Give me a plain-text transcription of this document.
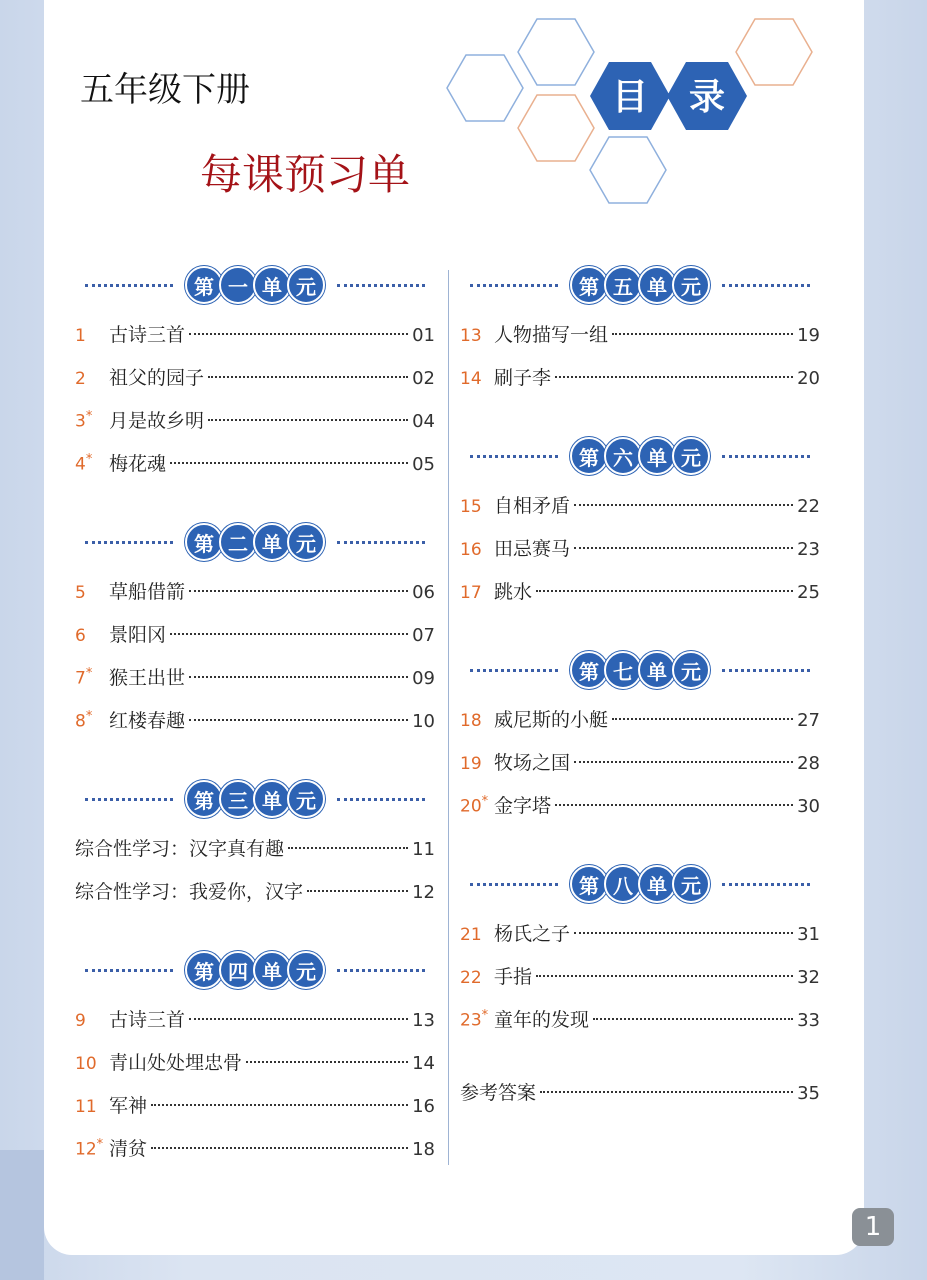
五年级下册
每课预习单
目 录
第 一 单 元
1	古诗三首	01
2	祖父的园子	02
3* 月是故乡明	04
4* 梅花魂	05
第 二 单 元
5	草船借箭	06
6	景阳冈	07
7* 猴王出世	09
8* 红楼春趣	10
第 三 单 元
综合性学习：汉字真有趣	11
综合性学习：我爱你，汉字	12
第 四 单 元
9	古诗三首	13
10 青山处处埋忠骨	14
11 军神	16
12* 清贫	18
第 五 单 元
13 人物描写一组	19
14 刷子李	20
第 六 单 元
15 自相矛盾	22
16 田忌赛马	23
17 跳水	25
第 七 单 元
18 威尼斯的小艇	27
19 牧场之国	28
20* 金字塔	30
第 八 单 元
21 杨氏之子	31
22 手指	32
23* 童年的发现	33
参考答案	35
1
